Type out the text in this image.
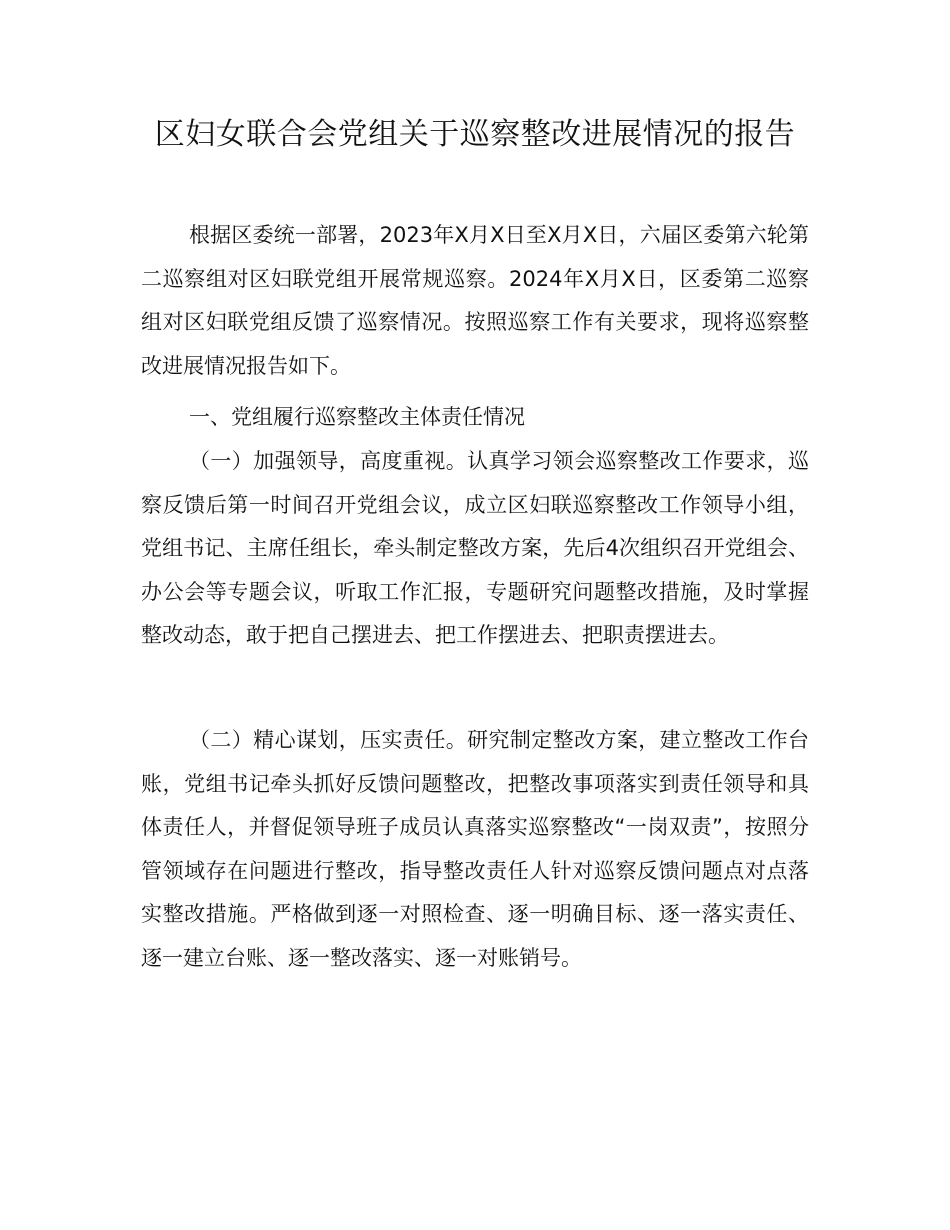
区妇女联合会党组关于巡察整改进展情况的报告

根据区委统一部署，2023年X月X日至X月X日，六届区委第六轮第二巡察组对区妇联党组开展常规巡察。2024年X月X日，区委第二巡察组对区妇联党组反馈了巡察情况。按照巡察工作有关要求，现将巡察整改进展情况报告如下。

一、党组履行巡察整改主体责任情况

（一）加强领导，高度重视。认真学习领会巡察整改工作要求，巡察反馈后第一时间召开党组会议，成立区妇联巡察整改工作领导小组，党组书记、主席任组长，牵头制定整改方案，先后4次组织召开党组会、办公会等专题会议，听取工作汇报，专题研究问题整改措施，及时掌握整改动态，敢于把自己摆进去、把工作摆进去、把职责摆进去。

（二）精心谋划，压实责任。研究制定整改方案，建立整改工作台账，党组书记牵头抓好反馈问题整改，把整改事项落实到责任领导和具体责任人，并督促领导班子成员认真落实巡察整改“一岗双责”，按照分管领域存在问题进行整改，指导整改责任人针对巡察反馈问题点对点落实整改措施。严格做到逐一对照检查、逐一明确目标、逐一落实责任、逐一建立台账、逐一整改落实、逐一对账销号。
